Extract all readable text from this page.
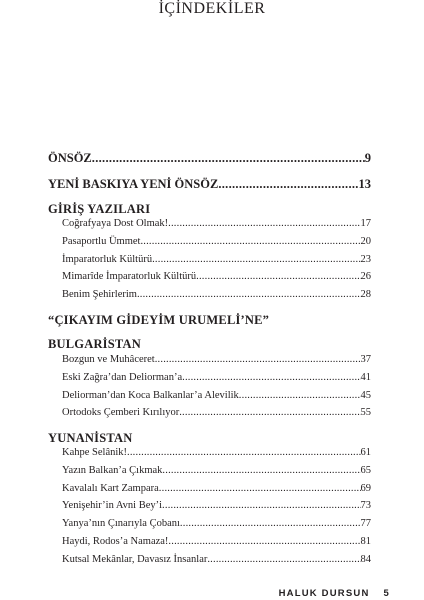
İÇİNDEKİLER
ÖNSÖZ .....	9
YENİ BASKIYA YENİ ÖNSÖZ .....	13
GİRİŞ YAZILARI
Coğrafyaya Dost Olmak! .....	17
Pasaportlu Ümmet .....	20
İmparatorluk Kültürü .....	23
Mimarîde İmparatorluk Kültürü .....	26
Benim Şehirlerim .....	28
“ÇIKAYIM GİDEYİM URUMELİ’NE”
BULGARİSTAN
Bozgun ve Muhâceret .....	37
Eski Zağra’dan Deliorman’a .....	41
Deliorman’dan Koca Balkanlar’a Alevilik .....	45
Ortodoks Çemberi Kırılıyor .....	55
YUNANİSTAN
Kahpe Selânik! .....	61
Yazın Balkan’a Çıkmak .....	65
Kavalalı Kart Zampara .....	69
Yenişehir’in Avni Bey’i .....	73
Yanya’nın Çınarıyla Çobanı .....	77
Haydi, Rodos’a Namaza! .....	81
Kutsal Mekânlar, Davasız İnsanlar .....	84
HALUK DURSUN 5
